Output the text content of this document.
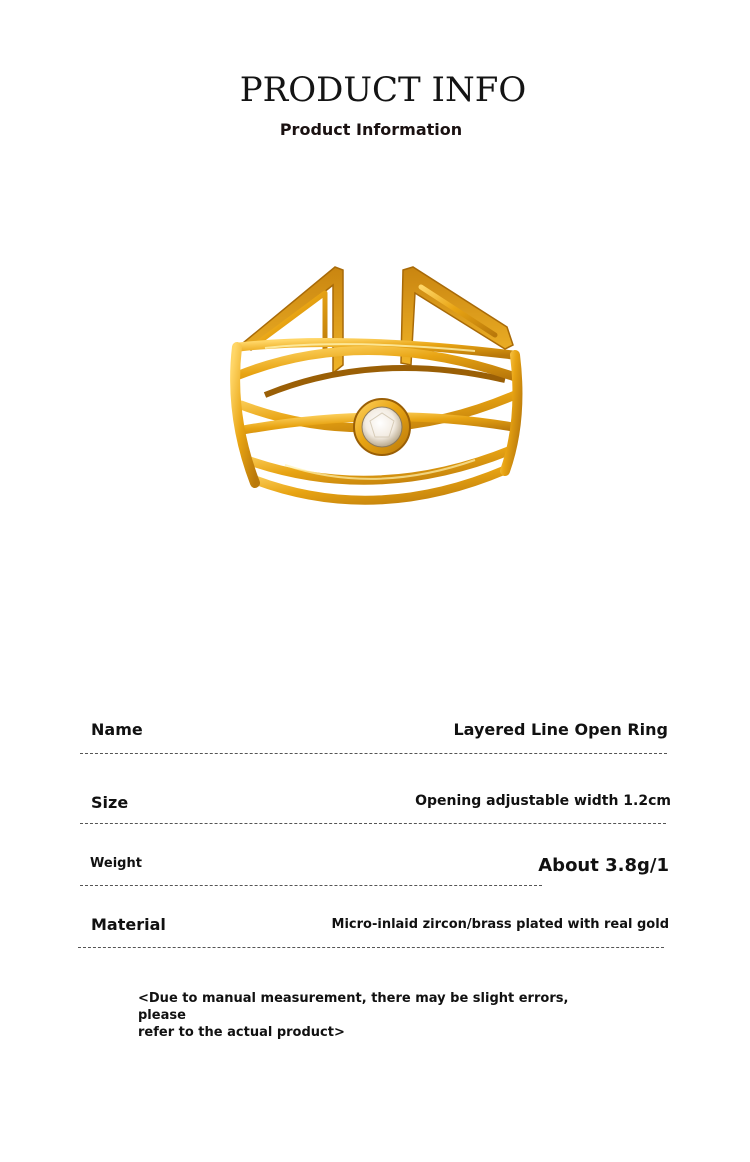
PRODUCT INFO
Product Information
Name	Layered Line Open Ring
Size	Opening adjustable width 1.2cm
Weight	About 3.8g/1
Material	Micro-inlaid zircon/brass plated with real gold

<Due to manual measurement, there may be slight errors, please
refer to the actual product>
